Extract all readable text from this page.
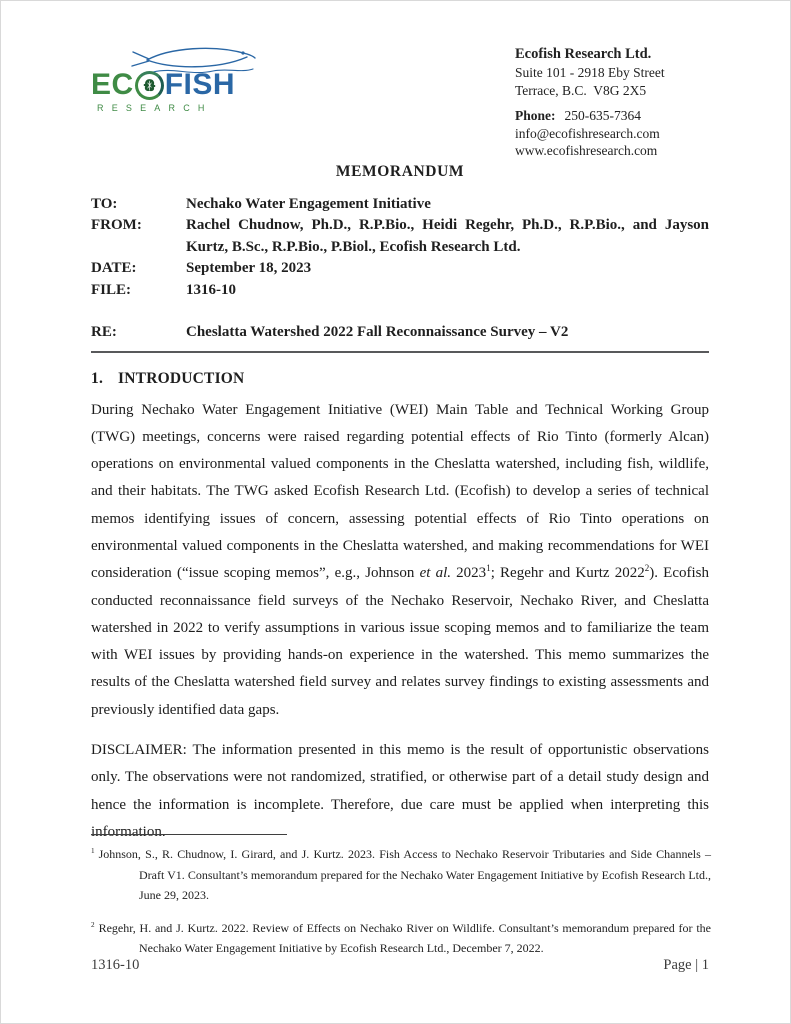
EC FISH
RESEARCH
Ecofish Research Ltd.
Suite 101 - 2918 Eby Street
Terrace, B.C.  V8G 2X5
Phone: 250-635-7364
info@ecofishresearch.com
www.ecofishresearch.com
MEMORANDUM
TO:	Nechako Water Engagement Initiative
FROM:	Rachel Chudnow, Ph.D., R.P.Bio., Heidi Regehr, Ph.D., R.P.Bio., and Jayson Kurtz, B.Sc., R.P.Bio., P.Biol., Ecofish Research Ltd.
DATE:	September 18, 2023
FILE:	1316-10
RE:	Cheslatta Watershed 2022 Fall Reconnaissance Survey – V2
1. INTRODUCTION

During Nechako Water Engagement Initiative (WEI) Main Table and Technical Working Group (TWG) meetings, concerns were raised regarding potential effects of Rio Tinto (formerly Alcan) operations on environmental valued components in the Cheslatta watershed, including fish, wildlife, and their habitats. The TWG asked Ecofish Research Ltd. (Ecofish) to develop a series of technical memos identifying issues of concern, assessing potential effects of Rio Tinto operations on environmental valued components in the Cheslatta watershed, and making recommendations for WEI consideration (“issue scoping memos”, e.g., Johnson et al. 2023$^1$; Regehr and Kurtz 2022$^2$). Ecofish conducted reconnaissance field surveys of the Nechako Reservoir, Nechako River, and Cheslatta watershed in 2022 to verify assumptions in various issue scoping memos and to familiarize the team with WEI issues by providing hands-on experience in the watershed. This memo summarizes the results of the Cheslatta watershed field survey and relates survey findings to existing assessments and previously identified data gaps.

DISCLAIMER: The information presented in this memo is the result of opportunistic observations only. The observations were not randomized, stratified, or otherwise part of a detail study design and hence the information is incomplete. Therefore, due care must be applied when interpreting this information.

$^1$ Johnson, S., R. Chudnow, I. Girard, and J. Kurtz. 2023. Fish Access to Nechako Reservoir Tributaries and Side Channels – Draft V1. Consultant’s memorandum prepared for the Nechako Water Engagement Initiative by Ecofish Research Ltd., June 29, 2023.
$^2$ Regehr, H. and J. Kurtz. 2022. Review of Effects on Nechako River on Wildlife. Consultant’s memorandum prepared for the Nechako Water Engagement Initiative by Ecofish Research Ltd., December 7, 2022.
1316-10	Page | 1
